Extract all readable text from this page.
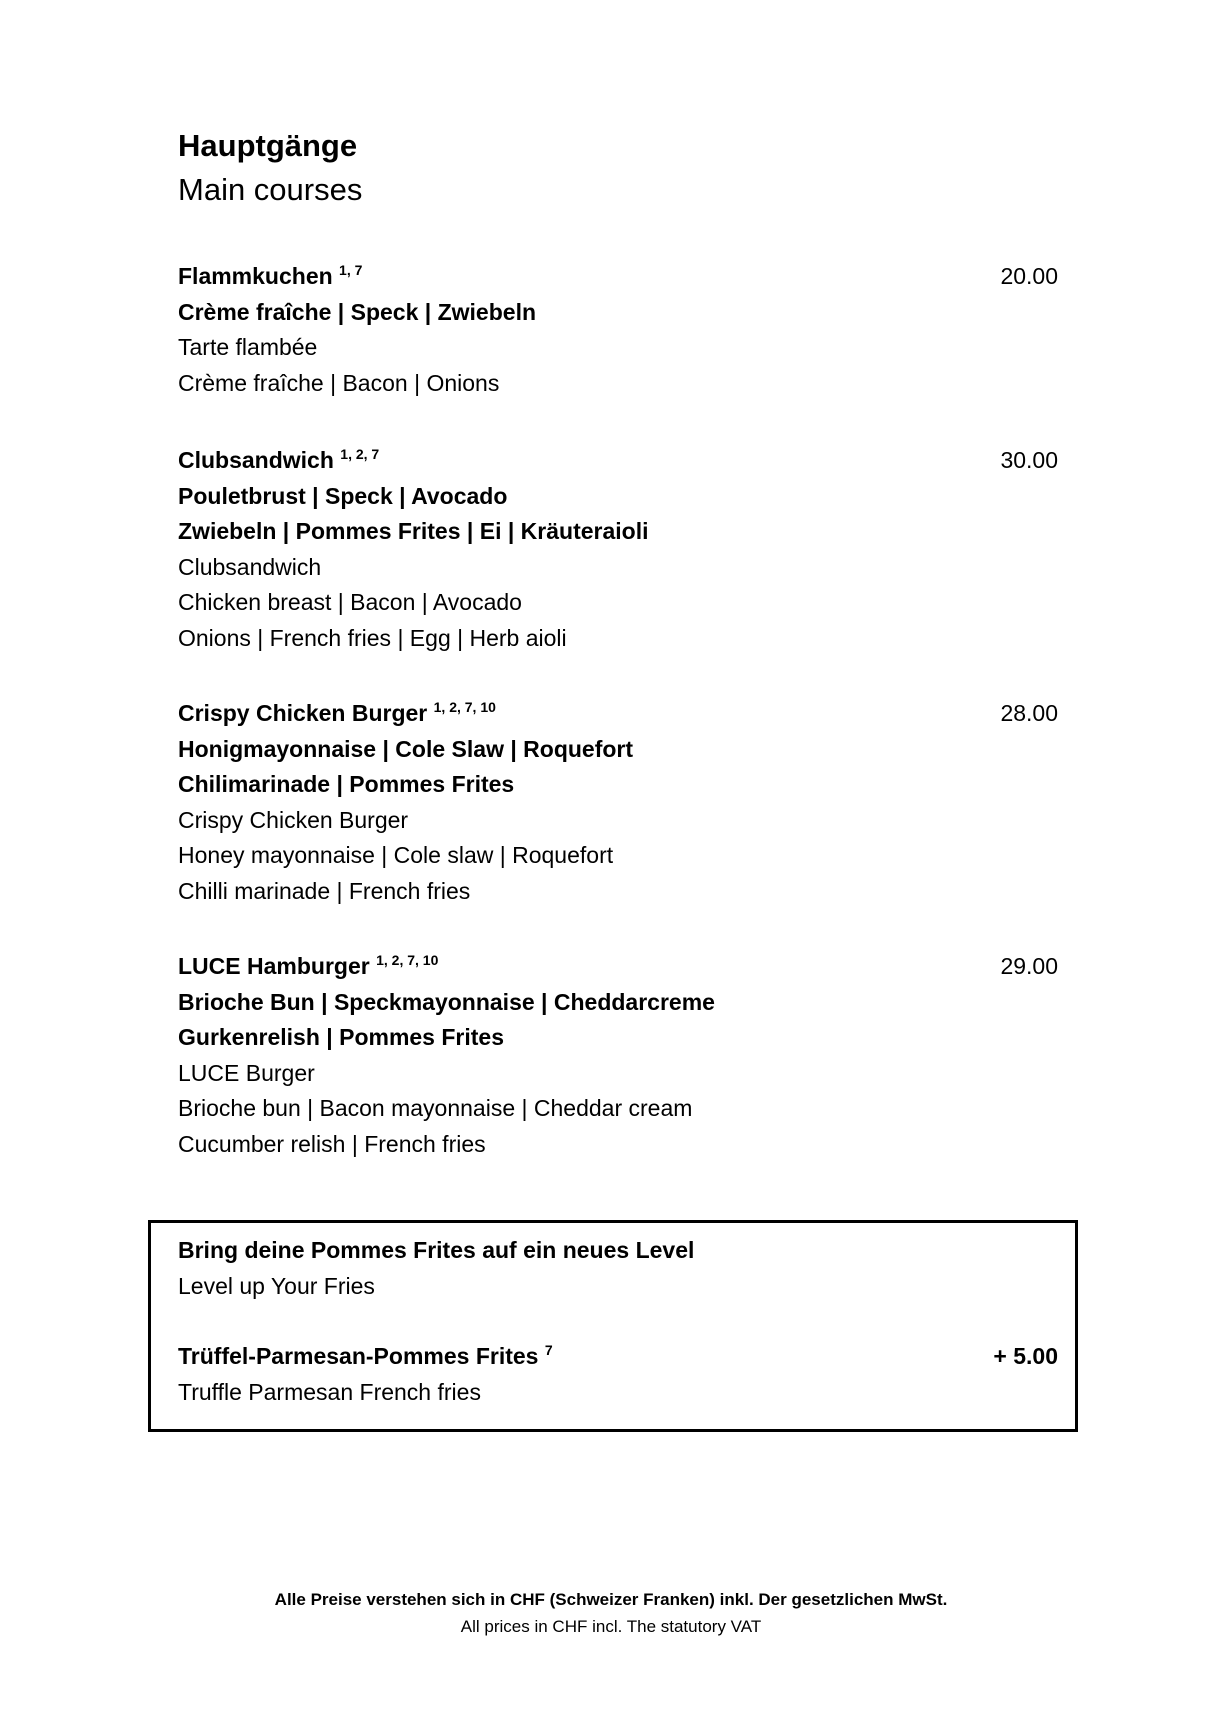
Hauptgänge
Main courses
Flammkuchen $^{1, 7}$	20.00
Crème fraîche | Speck | Zwiebeln
Tarte flambée
Crème fraîche | Bacon | Onions
Clubsandwich $^{1, 2, 7}$	30.00
Pouletbrust | Speck | Avocado
Zwiebeln | Pommes Frites | Ei | Kräuteraioli
Clubsandwich
Chicken breast | Bacon | Avocado
Onions | French fries | Egg | Herb aioli
Crispy Chicken Burger $^{1, 2, 7, 10}$	28.00
Honigmayonnaise | Cole Slaw | Roquefort
Chilimarinade | Pommes Frites
Crispy Chicken Burger
Honey mayonnaise | Cole slaw | Roquefort
Chilli marinade | French fries
LUCE Hamburger $^{1, 2, 7, 10}$	29.00
Brioche Bun | Speckmayonnaise | Cheddarcreme
Gurkenrelish | Pommes Frites
LUCE Burger
Brioche bun | Bacon mayonnaise | Cheddar cream
Cucumber relish | French fries
Bring deine Pommes Frites auf ein neues Level
Level up Your Fries
Trüffel-Parmesan-Pommes Frites $^7$	+ 5.00
Truffle Parmesan French fries
Alle Preise verstehen sich in CHF (Schweizer Franken) inkl. Der gesetzlichen MwSt.
All prices in CHF incl. The statutory VAT
